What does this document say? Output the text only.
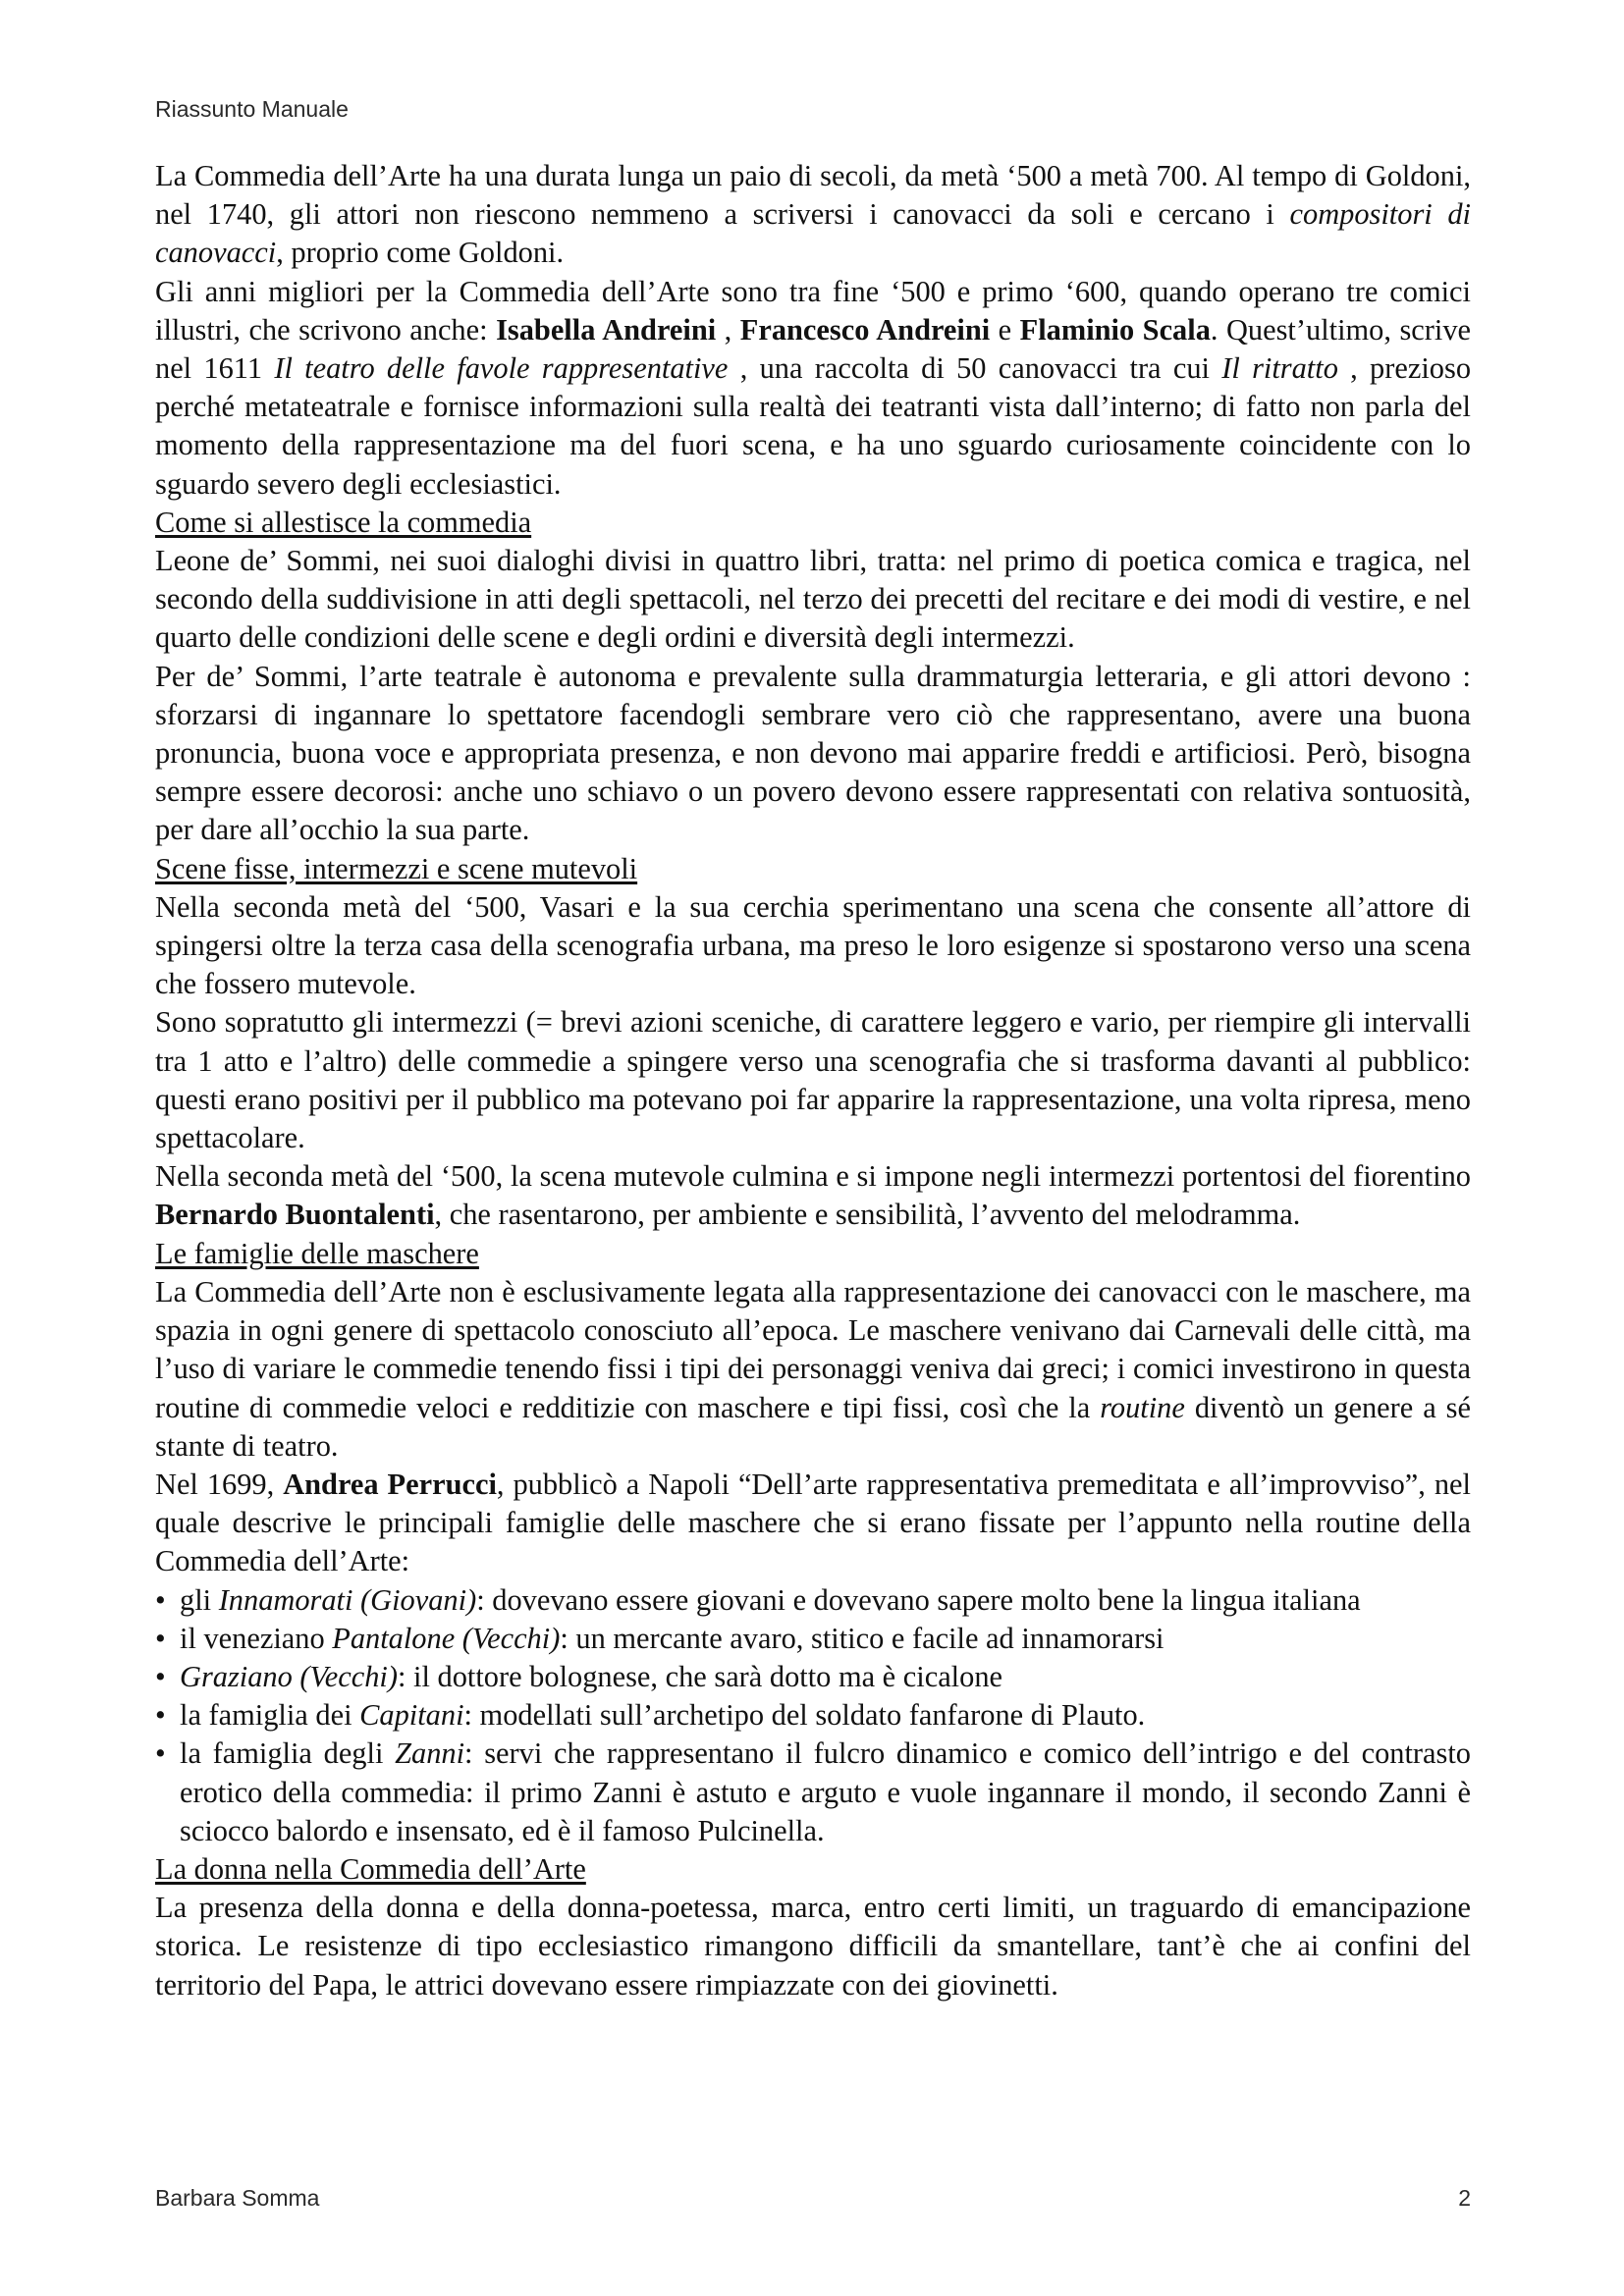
Riassunto Manuale

La Commedia dell’Arte ha una durata lunga un paio di secoli, da metà ‘500 a metà 700. Al tempo di Goldoni, nel 1740, gli attori non riescono nemmeno a scriversi i canovacci da soli e cercano i compositori di canovacci, proprio come Goldoni.

Gli anni migliori per la Commedia dell’Arte sono tra fine ‘500 e primo ‘600, quando operano tre comici illustri, che scrivono anche: Isabella Andreini , Francesco Andreini e Flaminio Scala. Quest’ultimo, scrive nel 1611 Il teatro delle favole rappresentative , una raccolta di 50 canovacci tra cui Il ritratto , prezioso perché metateatrale e fornisce informazioni sulla realtà dei teatranti vista dall’interno; di fatto non parla del momento della rappresentazione ma del fuori scena, e ha uno sguardo curiosamente coincidente con lo sguardo severo degli ecclesiastici.

Come si allestisce la commedia

Leone de’ Sommi, nei suoi dialoghi divisi in quattro libri, tratta: nel primo di poetica comica e tragica, nel secondo della suddivisione in atti degli spettacoli, nel terzo dei precetti del recitare e dei modi di vestire, e nel quarto delle condizioni delle scene e degli ordini e diversità degli intermezzi.

Per de’ Sommi, l’arte teatrale è autonoma e prevalente sulla drammaturgia letteraria, e gli attori devono : sforzarsi di ingannare lo spettatore facendogli sembrare vero ciò che rappresentano, avere una buona pronuncia, buona voce e appropriata presenza, e non devono mai apparire freddi e artificiosi. Però, bisogna sempre essere decorosi: anche uno schiavo o un povero devono essere rappresentati con relativa sontuosità, per dare all’occhio la sua parte.

Scene fisse, intermezzi e scene mutevoli

Nella seconda metà del ‘500, Vasari e la sua cerchia sperimentano una scena che consente all’attore di spingersi oltre la terza casa della scenografia urbana, ma preso le loro esigenze si spostarono verso una scena che fossero mutevole.

Sono sopratutto gli intermezzi (= brevi azioni sceniche, di carattere leggero e vario, per riempire gli intervalli tra 1 atto e l’altro) delle commedie a spingere verso una scenografia che si trasforma davanti al pubblico: questi erano positivi per il pubblico ma potevano poi far apparire la rappresentazione, una volta ripresa, meno spettacolare.

Nella seconda metà del ‘500, la scena mutevole culmina e si impone negli intermezzi portentosi del fiorentino Bernardo Buontalenti, che rasentarono, per ambiente e sensibilità, l’avvento del melodramma.

Le famiglie delle maschere

La Commedia dell’Arte non è esclusivamente legata alla rappresentazione dei canovacci con le maschere, ma spazia in ogni genere di spettacolo conosciuto all’epoca. Le maschere venivano dai Carnevali delle città, ma l’uso di variare le commedie tenendo fissi i tipi dei personaggi veniva dai greci; i comici investirono in questa routine di commedie veloci e redditizie con maschere e tipi fissi, così che la routine diventò un genere a sé stante di teatro.

Nel 1699, Andrea Perrucci, pubblicò a Napoli “Dell’arte rappresentativa premeditata e all’improvviso”, nel quale descrive le principali famiglie delle maschere che si erano fissate per l’appunto nella routine della Commedia dell’Arte:

• gli Innamorati (Giovani): dovevano essere giovani e dovevano sapere molto bene la lingua italiana
• il veneziano Pantalone (Vecchi): un mercante avaro, stitico e facile ad innamorarsi
• Graziano (Vecchi): il dottore bolognese, che sarà dotto ma è cicalone
• la famiglia dei Capitani: modellati sull’archetipo del soldato fanfarone di Plauto.
• la famiglia degli Zanni: servi che rappresentano il fulcro dinamico e comico dell’intrigo e del contrasto erotico della commedia: il primo Zanni è astuto e arguto e vuole ingannare il mondo, il secondo Zanni è sciocco balordo e insensato, ed è il famoso Pulcinella.
La donna nella Commedia dell’Arte

La presenza della donna e della donna-poetessa, marca, entro certi limiti, un traguardo di emancipazione storica. Le resistenze di tipo ecclesiastico rimangono difficili da smantellare, tant’è che ai confini del territorio del Papa, le attrici dovevano essere rimpiazzate con dei giovinetti.

Barbara Somma	2
